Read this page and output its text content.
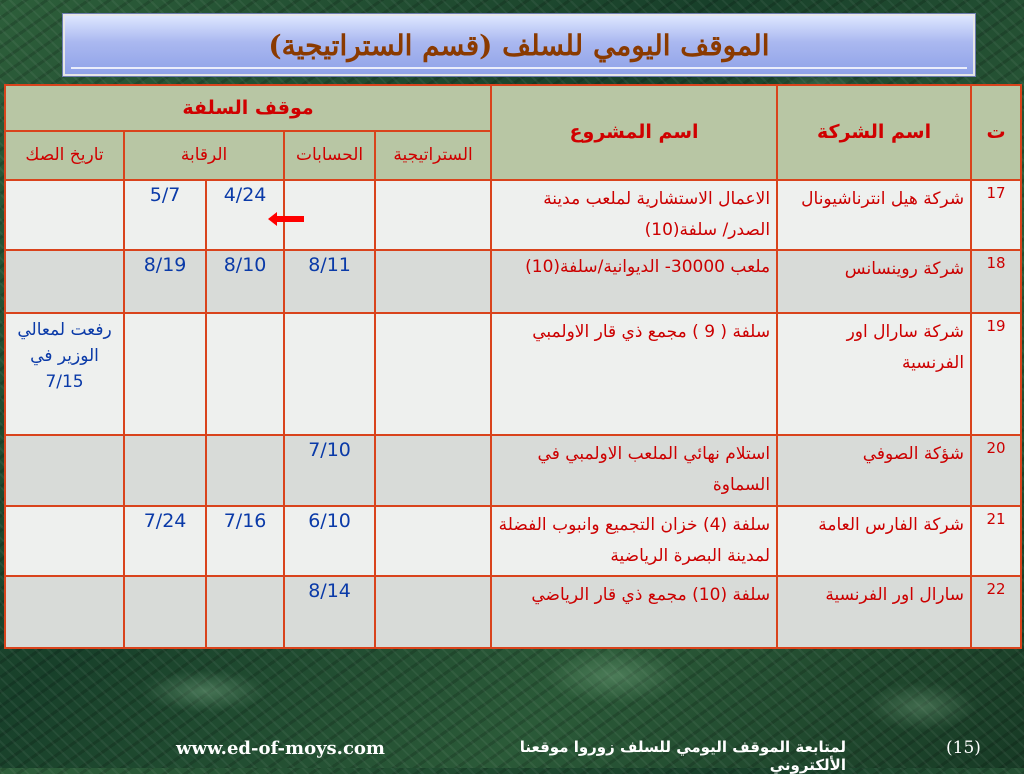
الموقف اليومي للسلف (قسم الستراتيجية)
ت	اسم الشركة	اسم المشروع	موقف السلفة				
			الستراتيجية	الحسابات	الرقابة		تاريخ الصك
17	شركة هيل انترناشيونال	الاعمال الاستشارية لملعب مدينة الصدر/ سلفة(10)			4/24	5/7	
18	شركة روينسانس	ملعب 30000- الديوانية/سلفة(10)		8/11	8/10	8/19	
19	شركة سارال اور الفرنسية	سلفة ( 9 ) مجمع ذي قار الاولمبي					رفعت لمعالي الوزير في 7/15
20	شؤكة الصوفي	استلام نهائي الملعب الاولمبي في السماوة		7/10			
21	شركة الفارس العامة	سلفة (4) خزان التجميع وانبوب الفضلة لمدينة البصرة الرياضية		6/10	7/16	7/24	
22	سارال اور الفرنسية	سلفة (10) مجمع ذي قار الرياضي		8/14			
www.ed-of-moys.com	لمتابعة الموقف اليومي للسلف زوروا موقعنا الألكتروني
(15)
